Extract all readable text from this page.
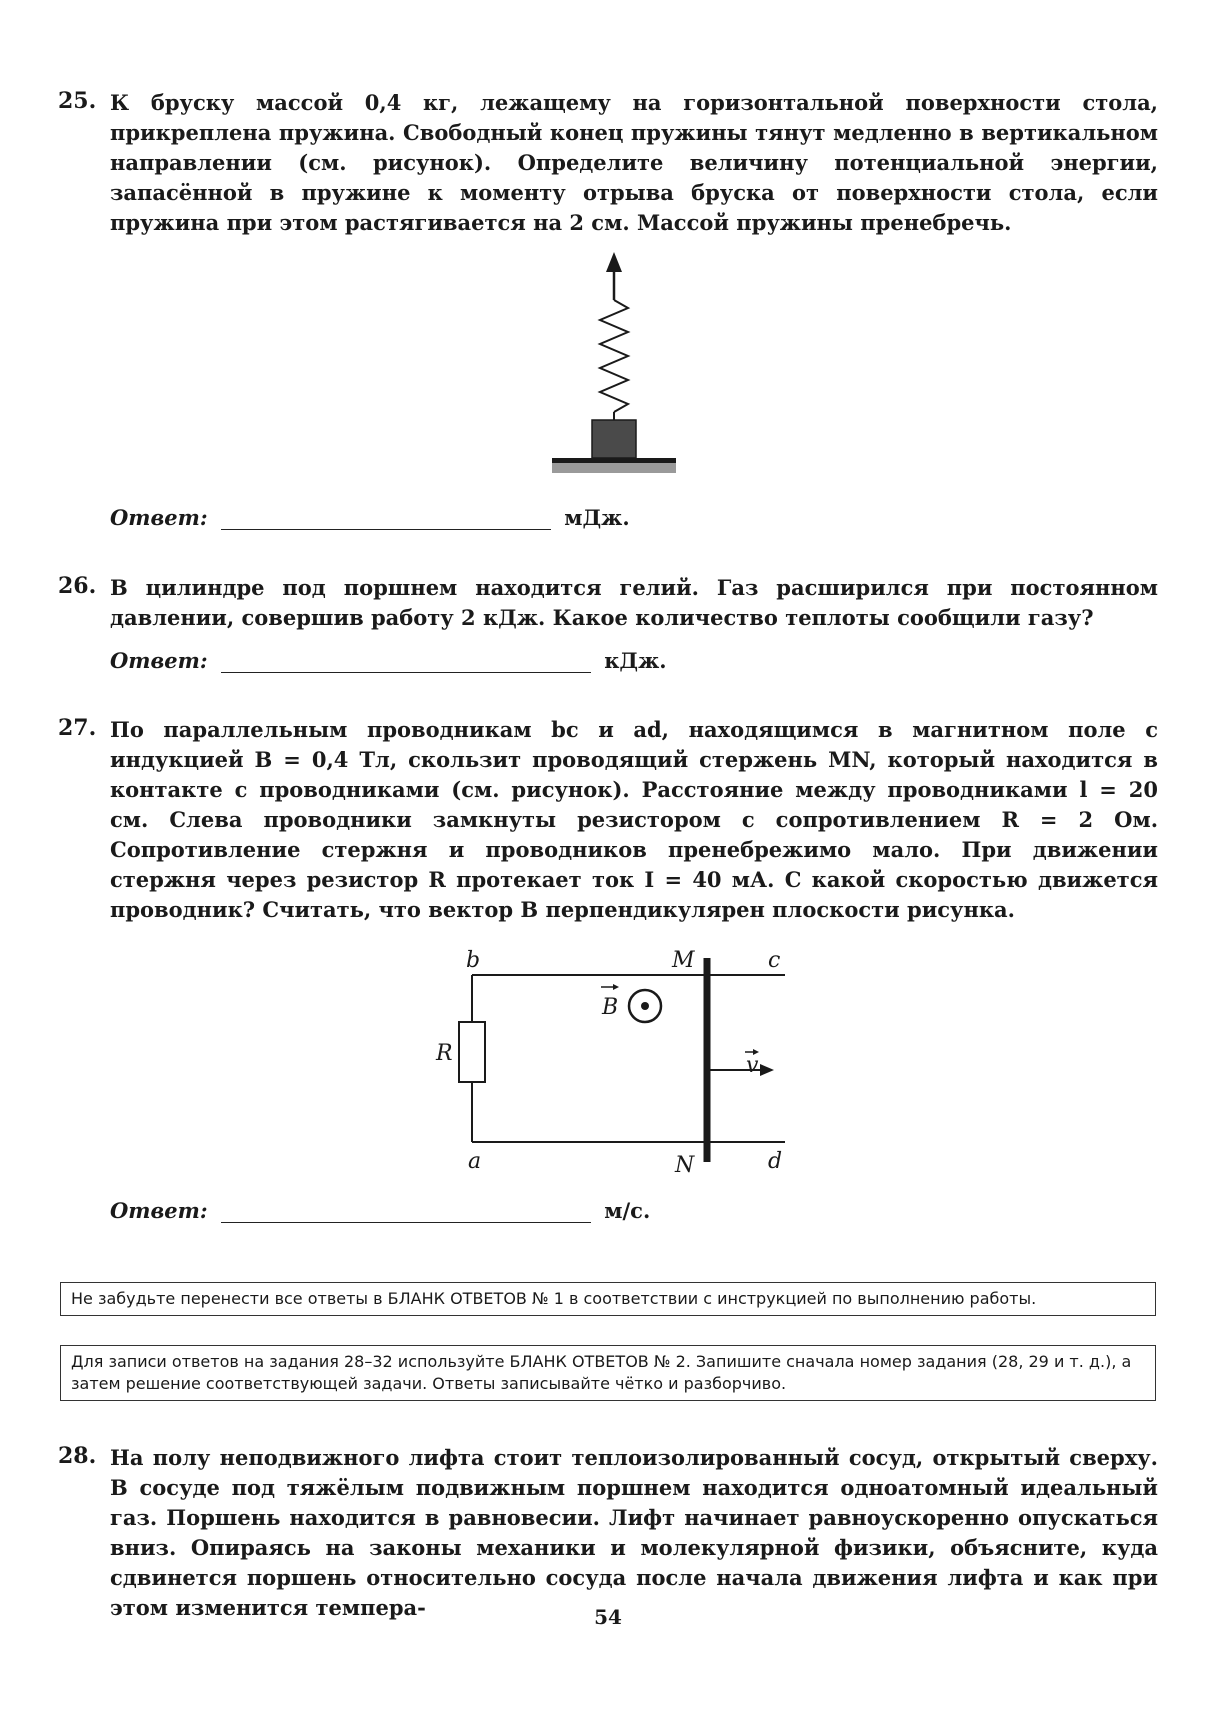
25. К бруску массой 0,4 кг, лежащему на горизонтальной поверхности стола, прикреплена пружина. Свободный конец пружины тянут медленно в вертикальном направлении (см. рисунок). Определите величину потенциальной энергии, запасённой в пружине к моменту отрыва бруска от поверхности стола, если пружина при этом растягивается на 2 см. Массой пружины пренебречь.
Ответ:	мДж.
26. В цилиндре под поршнем находится гелий. Газ расширился при постоянном давлении, совершив работу 2 кДж. Какое количество теплоты сообщили газу?
Ответ:	кДж.
27. По параллельным проводникам bc и ad, находящимся в магнитном поле с индукцией B = 0,4 Тл, скользит проводящий стержень MN, который находится в контакте с проводниками (см. рисунок). Расстояние между проводниками l = 20 см. Слева проводники замкнуты резистором с сопротивлением R = 2 Ом. Сопротивление стержня и проводников пренебрежимо мало. При движении стержня через резистор R протекает ток I = 40 мА. С какой скоростью движется проводник? Считать, что вектор B перпендикулярен плоскости рисунка.
b	M	c
R
B
v
a	N	d
Ответ:	м/с.
Не забудьте перенести все ответы в БЛАНК ОТВЕТОВ № 1 в соответствии с инструкцией по выполнению работы.
Для записи ответов на задания 28–32 используйте БЛАНК ОТВЕТОВ № 2. Запишите сначала номер задания (28, 29 и т. д.), а затем решение соответствующей задачи. Ответы записывайте чётко и разборчиво.
28. На полу неподвижного лифта стоит теплоизолированный сосуд, открытый сверху. В сосуде под тяжёлым подвижным поршнем находится одноатомный идеальный газ. Поршень находится в равновесии. Лифт начинает равноускоренно опускаться вниз. Опираясь на законы механики и молекулярной физики, объясните, куда сдвинется поршень относительно сосуда после начала движения лифта и как при этом изменится темпера-	54
